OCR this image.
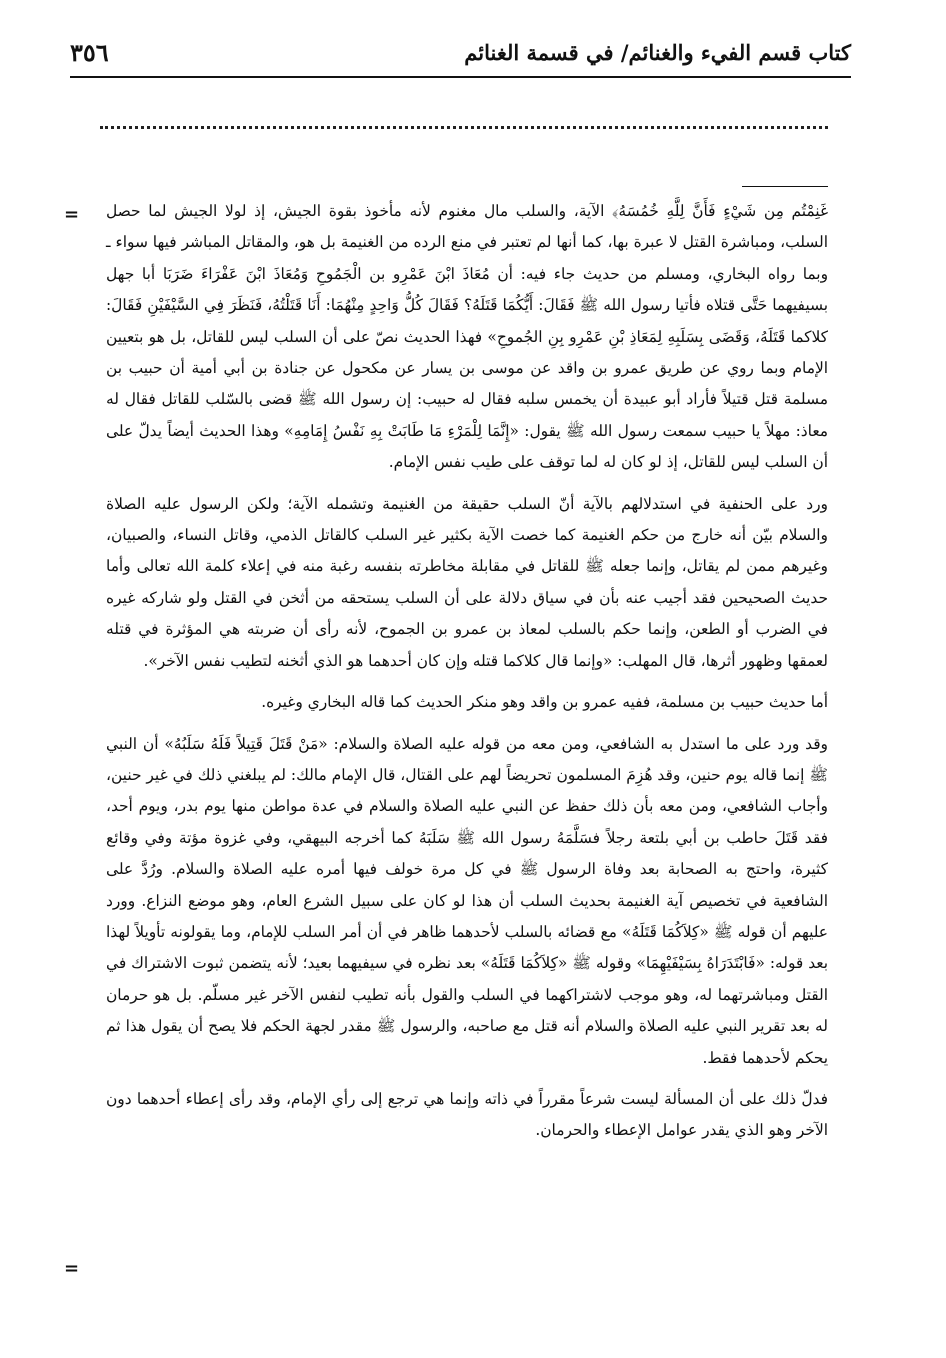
كتاب قسم الفيء والغنائم/ في قسمة الغنائم
٣٥٦
=
=

غَنِمْتُم مِن شَيْءٍ فَأَنَّ لِلَّهِ خُمُسَهُ﴾ الآية، والسلب مال مغنوم لأنه مأخوذ بقوة الجيش، إذ لولا الجيش لما حصل السلب، ومباشرة القتل لا عبرة بها، كما أنها لم تعتبر في منع الرده من الغنيمة بل هو، والمقاتل المباشر فيها سواء ـ وبما رواه البخاري، ومسلم من حديث جاء فيه: أن مُعَاذَ ابْنَ عَمْرِو بن الْجَمُوحِ وَمُعَاذَ ابْنَ عَفْرَاءَ ضَرَبَا أبا جهل بسيفيهما حَتَّى قتلاه فأتيا رسول الله ﷺ فَقَالَ: أَيُّكُمَا قَتَلَهُ؟ فَقَالَ كُلُّ وَاحِدٍ مِنْهُمَا: أَنَا قَتَلْتُهُ، فَنَظَرَ فِي السَّيْفَيْنِ فَقَالَ: كلاكما قَتَلَهُ، وَقَضَى بِسَلَبِهِ لِمَعَاذِ بْنِ عَمْرِو بِنِ الجُموحِ» فهذا الحديث نصّ على أن السلب ليس للقاتل، بل هو بتعيين الإمام وبما روي عن طريق عمرو بن واقد عن موسى بن يسار عن مكحول عن جنادة بن أبي أمية أن حبيب بن مسلمة قتل قتيلاً فأراد أبو عبيدة أن يخمس سلبه فقال له حبيب: إن رسول الله ﷺ قضى بالسّلب للقاتل فقال له معاذ: مهلاً يا حبيب سمعت رسول الله ﷺ يقول: «إِنَّمَا لِلْمَرْءِ مَا طَابَتْ بِهِ نَفْسُ إِمَامِهِ» وهذا الحديث أيضاً يدلّ على أن السلب ليس للقاتل، إذ لو كان له لما توقف على طيب نفس الإمام.

ورد على الحنفية في استدلالهم بالآية أنّ السلب حقيقة من الغنيمة وتشمله الآية؛ ولكن الرسول عليه الصلاة والسلام بيّن أنه خارج من حكم الغنيمة كما خصت الآية بكثير غير السلب كالقاتل الذمي، وقاتل النساء، والصبيان، وغيرهم ممن لم يقاتل، وإنما جعله ﷺ للقاتل في مقابلة مخاطرته بنفسه رغبة منه في إعلاء كلمة الله تعالى وأما حديث الصحيحين فقد أجيب عنه بأن في سياق دلالة على أن السلب يستحقه من أثخن في القتل ولو شاركه غيره في الضرب أو الطعن، وإنما حكم بالسلب لمعاذ بن عمرو بن الجموح، لأنه رأى أن ضربته هي المؤثرة في قتله لعمقها وظهور أثرها، قال المهلب: «وإنما قال كلاكما قتله وإن كان أحدهما هو الذي أثخنه لتطيب نفس الآخر».

أما حديث حبيب بن مسلمة، ففيه عمرو بن واقد وهو منكر الحديث كما قاله البخاري وغيره.

وقد ورد على ما استدل به الشافعي، ومن معه من قوله عليه الصلاة والسلام: «مَنْ قَتَلَ قَتِيلاً فَلَهُ سَلَبُهُ» أن النبي ﷺ إنما قاله يوم حنين، وقد هُزِمَ المسلمون تحريضاً لهم على القتال، قال الإمام مالك: لم يبلغني ذلك في غير حنين، وأجاب الشافعي، ومن معه بأن ذلك حفظ عن النبي عليه الصلاة والسلام في عدة مواطن منها يوم بدر، ويوم أحد، فقد قَتَلَ حاطب بن أبي بلتعة رجلاً فسَلَّمَهُ رسول الله ﷺ سَلَبَهُ كما أخرجه البيهقي، وفي غزوة مؤتة وفي وقائع كثيرة، واحتج به الصحابة بعد وفاة الرسول ﷺ في كل مرة خولف فيها أمره عليه الصلاة والسلام. ورُدَّ على الشافعية في تخصيص آية الغنيمة بحديث السلب أن هذا لو كان على سبيل الشرع العام، وهو موضع النزاع. وورد عليهم أن قوله ﷺ «كِلاَكُمَا قَتَلَهُ» مع قضائه بالسلب لأحدهما ظاهر في أن أمر السلب للإمام، وما يقولونه تأويلاً لهذا بعد قوله: «فَابْتَدَرَاهُ بِسَيْفَيْهِمَا» وقوله ﷺ «كِلاَكُمَا قَتَلَهُ» بعد نظره في سيفيهما بعيد؛ لأنه يتضمن ثبوت الاشتراك في القتل ومباشرتهما له، وهو موجب لاشتراكهما في السلب والقول بأنه تطيب لنفس الآخر غير مسلّم. بل هو حرمان له بعد تقرير النبي عليه الصلاة والسلام أنه قتل مع صاحبه، والرسول ﷺ مقدر لجهة الحكم فلا يصح أن يقول هذا ثم يحكم لأحدهما فقط.

فدلّ ذلك على أن المسألة ليست شرعاً مقرراً في ذاته وإنما هي ترجع إلى رأي الإمام، وقد رأى إعطاء أحدهما دون الآخر وهو الذي يقدر عوامل الإعطاء والحرمان.
